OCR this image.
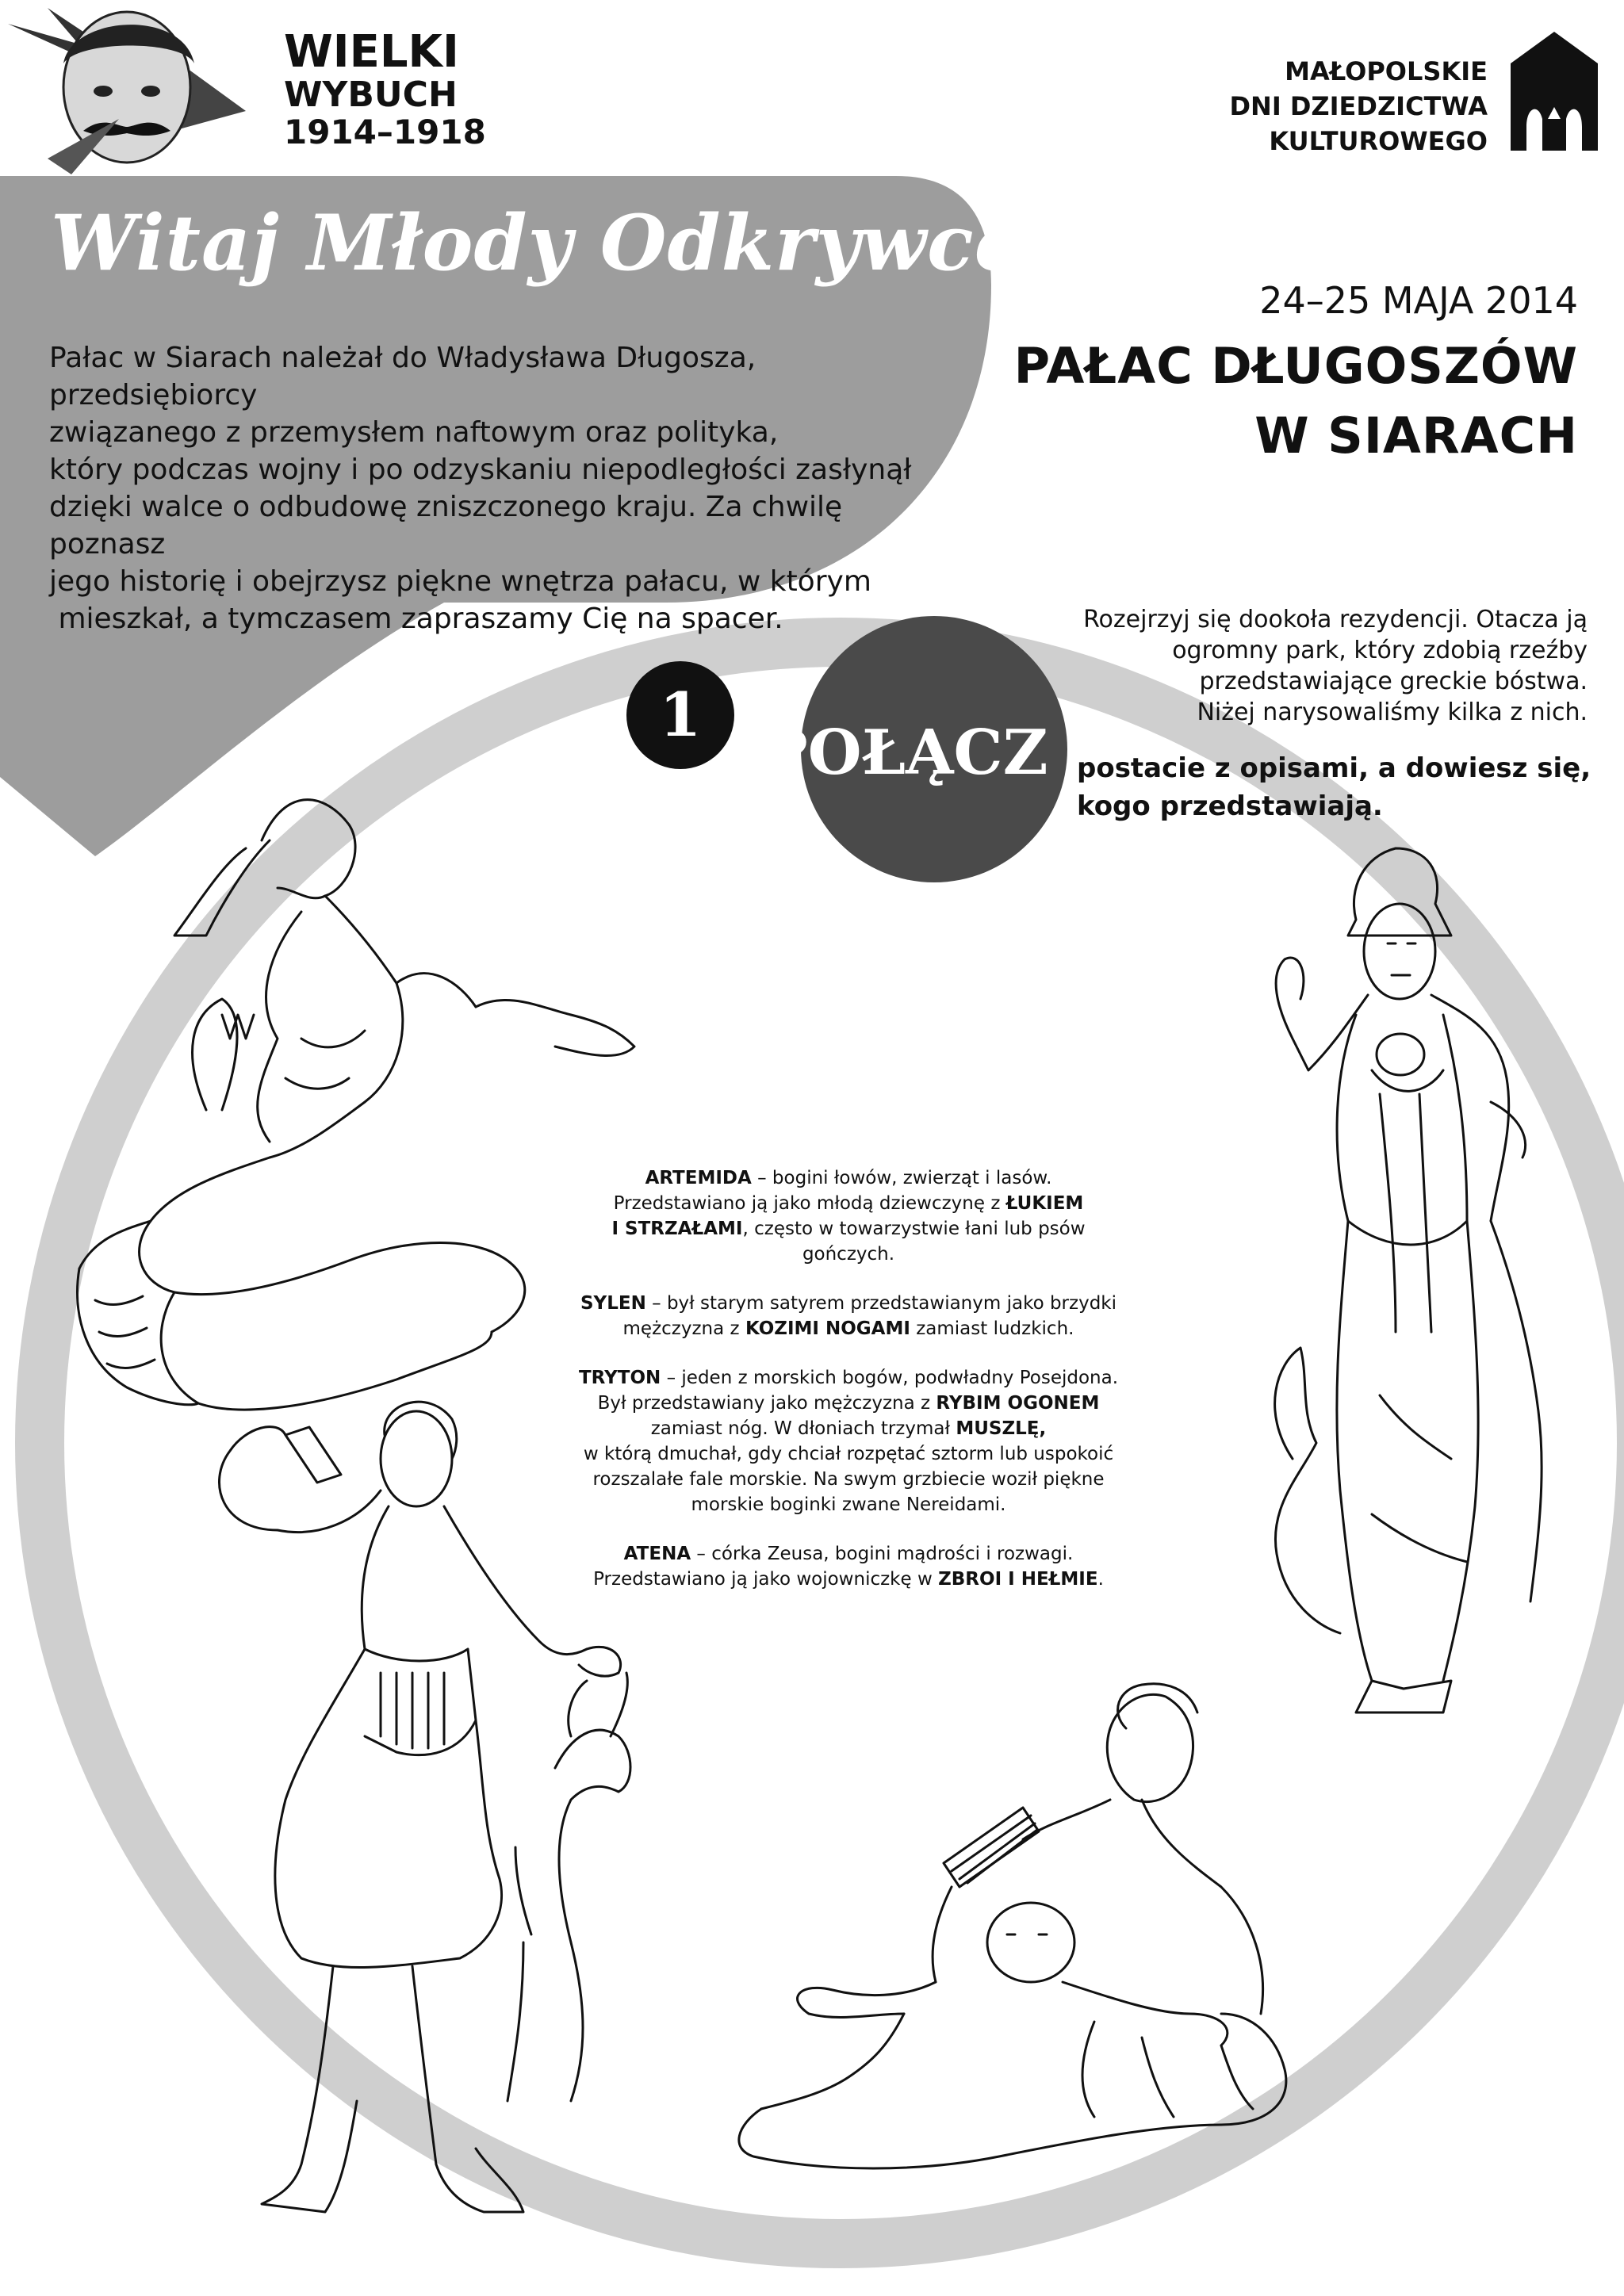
WIELKI
WYBUCH
1914–1918
MAŁOPOLSKIE
DNI DZIEDZICTWA
KULTUROWEGO
Witaj Młody Odkrywco!
Pałac w Siarach należał do Władysława Długosza, przedsiębiorcy
związanego z przemysłem naftowym oraz polityka,
który podczas wojny i po odzyskaniu niepodległości zasłynął
dzięki walce o odbudowę zniszczonego kraju. Za chwilę poznasz
jego historię i obejrzysz piękne wnętrza pałacu, w którym
mieszkał, a tymczasem zapraszamy Cię na spacer.
24–25 MAJA 2014
PAŁAC DŁUGOSZÓW
W SIARACH
Rozejrzyj się dookoła rezydencji. Otacza ją
ogromny park, który zdobią rzeźby
przedstawiające greckie bóstwa.
Niżej narysowaliśmy kilka z nich.
1
POŁĄCZ postacie z opisami, a dowiesz się,
kogo przedstawiają.

ARTEMIDA – bogini łowów, zwierząt i lasów.
Przedstawiano ją jako młodą dziewczynę z ŁUKIEM
I STRZAŁAMI, często w towarzystwie łani lub psów
gończych.

SYLEN – był starym satyrem przedstawianym jako brzydki
mężczyzna z KOZIMI NOGAMI zamiast ludzkich.

TRYTON – jeden z morskich bogów, podwładny Posejdona.
Był przedstawiany jako mężczyzna z RYBIM OGONEM
zamiast nóg. W dłoniach trzymał MUSZLĘ,
w którą dmuchał, gdy chciał rozpętać sztorm lub uspokoić
rozszalałe fale morskie. Na swym grzbiecie woził piękne
morskie boginki zwane Nereidami.

ATENA – córka Zeusa, bogini mądrości i rozwagi.
Przedstawiano ją jako wojowniczkę w ZBROI I HEŁMIE.
